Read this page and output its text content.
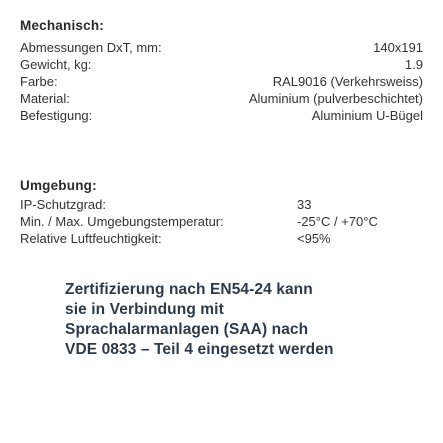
Mechanisch:
Abmessungen DxT, mm:	140x191
Gewicht, kg:	1.9
Farbe:	RAL9016 (Verkehrsweiss)
Material:	Aluminium (pulverbeschichtet)
Befestigung:	Aluminium U-Bügel
Umgebung:
IP-Schutzgrad:	33
Min. / Max. Umgebungstemperatur:	-25°C / +70°C
Relative Luftfeuchtigkeit:	<95%
Zertifizierung nach EN54-24 kann
sie in Verbindung mit
Sprachalarmanlagen (SAA) nach
VDE 0833 – Teil 4 eingesetzt werden
